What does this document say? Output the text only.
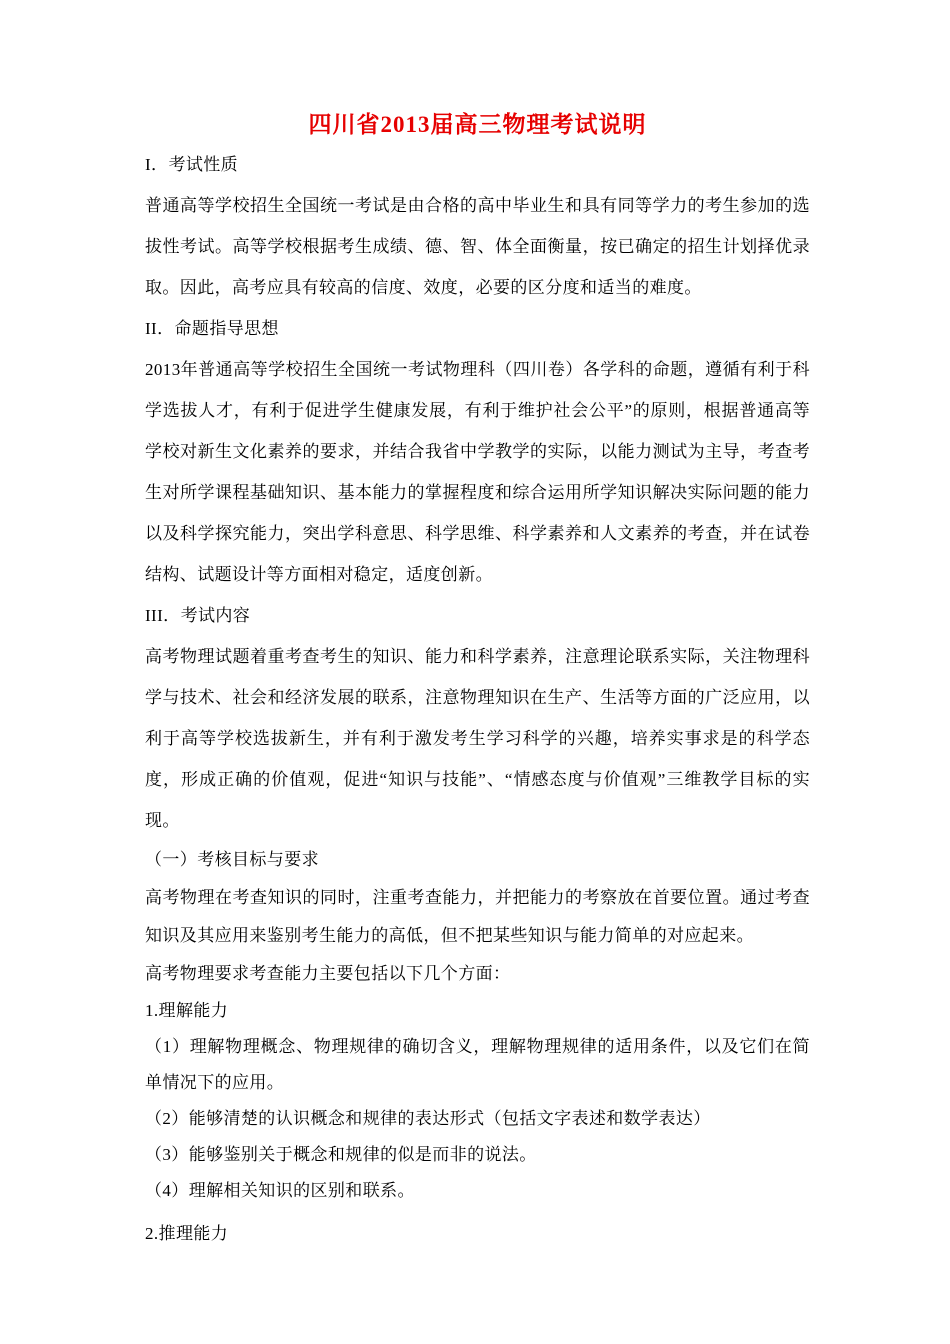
四川省2013届高三物理考试说明

I．考试性质

普通高等学校招生全国统一考试是由合格的高中毕业生和具有同等学力的考生参加的选拔性考试。高等学校根据考生成绩、德、智、体全面衡量，按已确定的招生计划择优录取。因此，高考应具有较高的信度、效度，必要的区分度和适当的难度。

II．命题指导思想

2013年普通高等学校招生全国统一考试物理科（四川卷）各学科的命题，遵循有利于科学选拔人才，有利于促进学生健康发展，有利于维护社会公平”的原则，根据普通高等学校对新生文化素养的要求，并结合我省中学教学的实际，以能力测试为主导，考查考生对所学课程基础知识、基本能力的掌握程度和综合运用所学知识解决实际问题的能力以及科学探究能力，突出学科意思、科学思维、科学素养和人文素养的考查，并在试卷结构、试题设计等方面相对稳定，适度创新。

III．考试内容

高考物理试题着重考查考生的知识、能力和科学素养，注意理论联系实际，关注物理科学与技术、社会和经济发展的联系，注意物理知识在生产、生活等方面的广泛应用，以利于高等学校选拔新生，并有利于激发考生学习科学的兴趣，培养实事求是的科学态度，形成正确的价值观，促进“知识与技能”、“情感态度与价值观”三维教学目标的实现。

（一）考核目标与要求

高考物理在考查知识的同时，注重考查能力，并把能力的考察放在首要位置。通过考查知识及其应用来鉴别考生能力的高低，但不把某些知识与能力简单的对应起来。

高考物理要求考查能力主要包括以下几个方面：

1.理解能力

（1）理解物理概念、物理规律的确切含义，理解物理规律的适用条件，以及它们在简单情况下的应用。

（2）能够清楚的认识概念和规律的表达形式（包括文字表述和数学表达）

（3）能够鉴别关于概念和规律的似是而非的说法。

（4）理解相关知识的区别和联系。

2.推理能力
